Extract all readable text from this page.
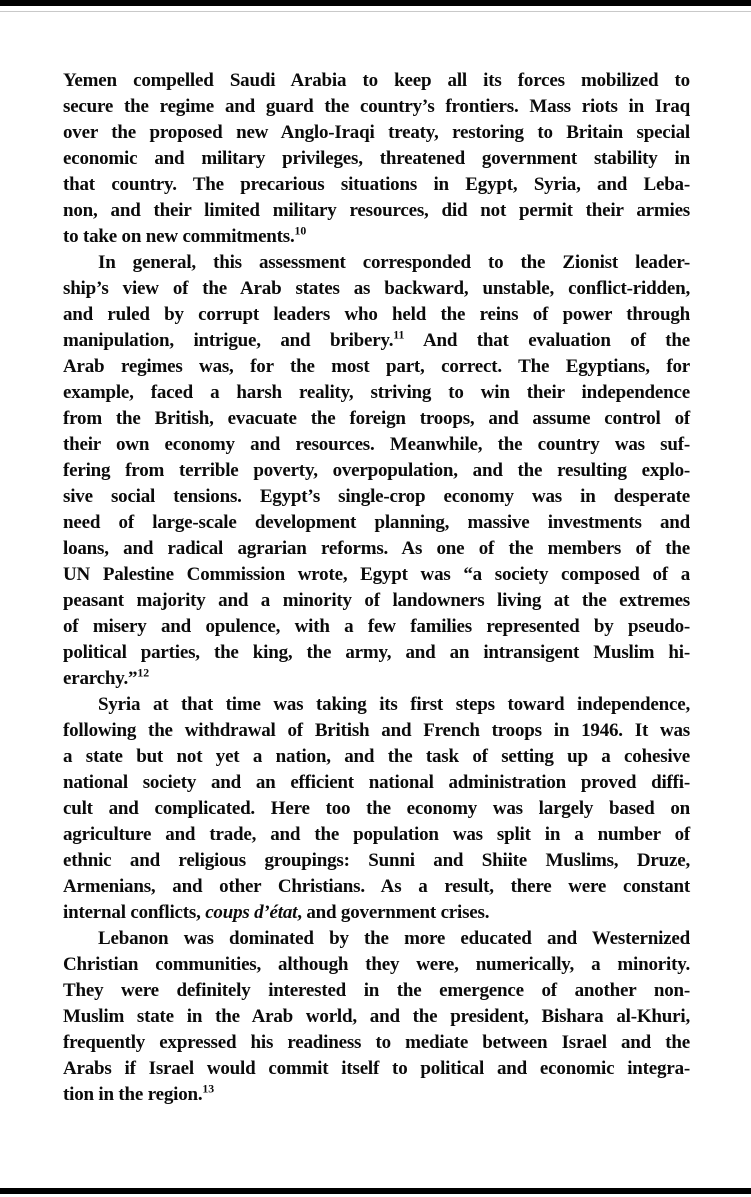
Yemen compelled Saudi Arabia to keep all its forces mobilized to
secure the regime and guard the country’s frontiers. Mass riots in Iraq
over the proposed new Anglo-Iraqi treaty, restoring to Britain special
economic and military privileges, threatened government stability in
that country. The precarious situations in Egypt, Syria, and Leba-
non, and their limited military resources, did not permit their armies
to take on new commitments.$^{10}$
In general, this assessment corresponded to the Zionist leader-
ship’s view of the Arab states as backward, unstable, conflict-ridden,
and ruled by corrupt leaders who held the reins of power through
manipulation, intrigue, and bribery.$^{11}$ And that evaluation of the
Arab regimes was, for the most part, correct. The Egyptians, for
example, faced a harsh reality, striving to win their independence
from the British, evacuate the foreign troops, and assume control of
their own economy and resources. Meanwhile, the country was suf-
fering from terrible poverty, overpopulation, and the resulting explo-
sive social tensions. Egypt’s single-crop economy was in desperate
need of large-scale development planning, massive investments and
loans, and radical agrarian reforms. As one of the members of the
UN Palestine Commission wrote, Egypt was “a society composed of a
peasant majority and a minority of landowners living at the extremes
of misery and opulence, with a few families represented by pseudo-
political parties, the king, the army, and an intransigent Muslim hi-
erarchy.”$^{12}$
Syria at that time was taking its first steps toward independence,
following the withdrawal of British and French troops in 1946. It was
a state but not yet a nation, and the task of setting up a cohesive
national society and an efficient national administration proved diffi-
cult and complicated. Here too the economy was largely based on
agriculture and trade, and the population was split in a number of
ethnic and religious groupings: Sunni and Shiite Muslims, Druze,
Armenians, and other Christians. As a result, there were constant
internal conflicts, coups d’état, and government crises.
Lebanon was dominated by the more educated and Westernized
Christian communities, although they were, numerically, a minority.
They were definitely interested in the emergence of another non-
Muslim state in the Arab world, and the president, Bishara al-Khuri,
frequently expressed his readiness to mediate between Israel and the
Arabs if Israel would commit itself to political and economic integra-
tion in the region.$^{13}$
